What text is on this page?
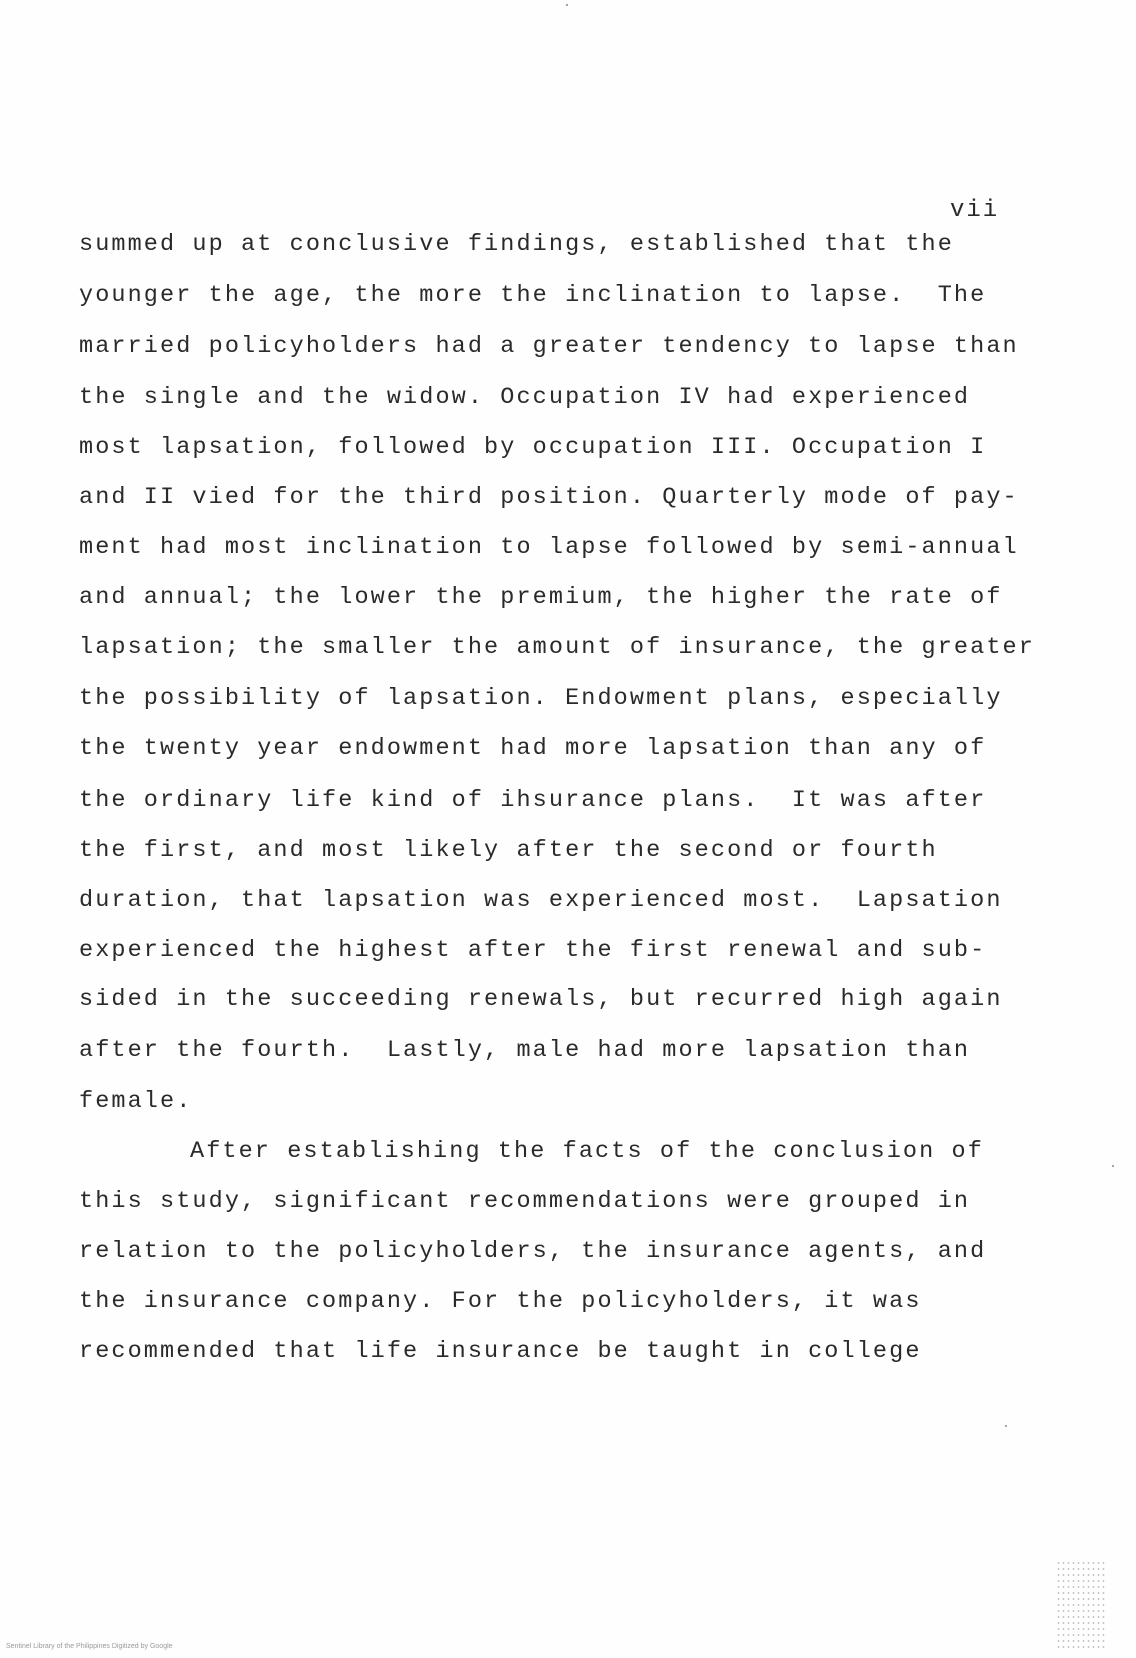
vii
summed up at conclusive findings, established that the
younger the age, the more the inclination to lapse.  The
married policyholders had a greater tendency to lapse than
the single and the widow. Occupation IV had experienced
most lapsation, followed by occupation III. Occupation I
and II vied for the third position. Quarterly mode of pay-
ment had most inclination to lapse followed by semi-annual
and annual; the lower the premium, the higher the rate of
lapsation; the smaller the amount of insurance, the greater
the possibility of lapsation. Endowment plans, especially
the twenty year endowment had more lapsation than any of
the ordinary life kind of ihsurance plans.  It was after
the first, and most likely after the second or fourth
duration, that lapsation was experienced most.  Lapsation
experienced the highest after the first renewal and sub-
sided in the succeeding renewals, but recurred high again
after the fourth.  Lastly, male had more lapsation than
female.
After establishing the facts of the conclusion of
this study, significant recommendations were grouped in
relation to the policyholders, the insurance agents, and
the insurance company. For the policyholders, it was
recommended that life insurance be taught in college
Sentinel Library of the Philippines Digitized by Google
